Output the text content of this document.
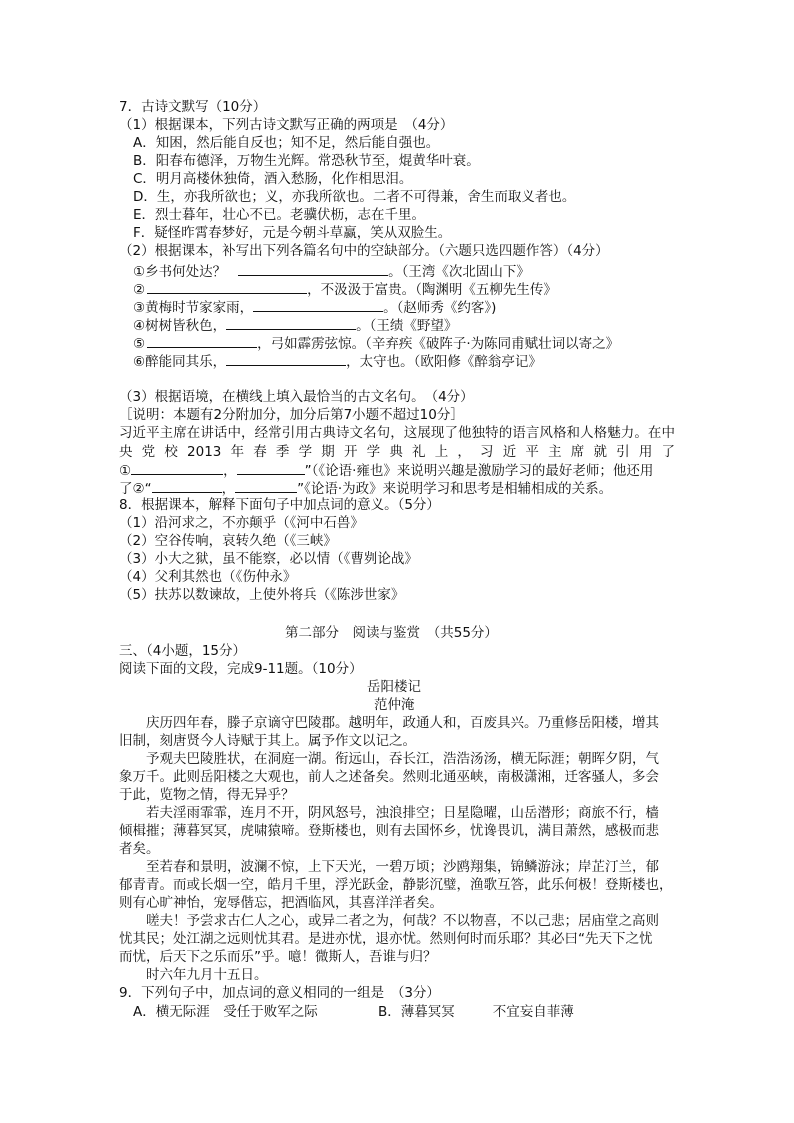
7．古诗文默写（10分）
（1）根据课本，下列古诗文默写正确的两项是　（4分）
A．知困，然后能自反也；知不足，然后能自强也。
B．阳春布德泽，万物生光辉。常恐秋节至，焜黄华叶衰。
C．明月高楼休独倚，酒入愁肠，化作相思泪。
D．生，亦我所欲也；义，亦我所欲也。二者不可得兼，舍生而取义者也。
E．烈士暮年，壮心不已。老骥伏枥，志在千里。
F．疑怪昨霄春梦好，元是今朝斗草赢，笑从双脸生。
（2）根据课本，补写出下列各篇名句中的空缺部分。（六题只选四题作答）（4分）
①乡书何处达？	。（王湾《次北固山下》
②	，不汲汲于富贵。（陶渊明《五柳先生传》
③黄梅时节家家雨，	。（赵师秀《约客》)
④树树皆秋色，	。（王绩《野望》
⑤	，弓如霹雳弦惊。（辛弃疾《破阵子·为陈同甫赋壮词以寄之》
⑥醉能同其乐，	，太守也。（欧阳修《醉翁亭记》
（3）根据语境，在横线上填入最恰当的古文名句。　（4分）
［说明：本题有2分附加分，加分后第7小题不超过10分］
习近平主席在讲话中，经常引用古典诗文名句，这展现了他独特的语言风格和人格魅力。在中央党校2013年春季学期开学典礼上，习近平主席就引用了
①	，	”（《论语·雍也》来说明兴趣是激励学习的最好老师；他还用
了②“	，	”《论语·为政》来说明学习和思考是相辅相成的关系。
8．根据课本，解释下面句子中加点词的意义。（5分）
（1）沿河求之，不亦颠乎（《河中石兽》
（2）空谷传响，哀转久绝（《三峡》
（3）小大之狱，虽不能察，必以情（《曹刿论战》
（4）父利其然也（《伤仲永》
（5）扶苏以数谏故，上使外将兵（《陈涉世家》
第二部分　阅读与鉴赏　（共55分）
三、（4小题，15分）
阅读下面的文段，完成9-11题。（10分）
岳阳楼记
范仲淹
　　庆历四年春，滕子京谪守巴陵郡。越明年，政通人和，百废具兴。乃重修岳阳楼，增其
旧制，刻唐贤今人诗赋于其上。属予作文以记之。
　　予观夫巴陵胜状，在洞庭一湖。衔远山，吞长江，浩浩汤汤，横无际涯；朝晖夕阴，气
象万千。此则岳阳楼之大观也，前人之述备矣。然则北通巫峡，南极潇湘，迁客骚人，多会
于此，览物之情，得无异乎？
　　若夫淫雨霏霏，连月不开，阴风怒号，浊浪排空；日星隐曜，山岳潜形；商旅不行，樯
倾楫摧；薄暮冥冥，虎啸猿啼。登斯楼也，则有去国怀乡，忧谗畏讥，满目萧然，感极而悲
者矣。
　　至若春和景明，波澜不惊，上下天光，一碧万顷；沙鸥翔集，锦鳞游泳；岸芷汀兰，郁
郁青青。而或长烟一空，皓月千里，浮光跃金，静影沉璧，渔歌互答，此乐何极！登斯楼也，
则有心旷神怡，宠辱偕忘，把酒临风，其喜洋洋者矣。
　　嗟夫！予尝求古仁人之心，或异二者之为，何哉？不以物喜，不以己悲；居庙堂之高则
忧其民；处江湖之远则忧其君。是进亦忧，退亦忧。然则何时而乐耶？其必曰“先天下之忧
而忧，后天下之乐而乐”乎。噫！微斯人，吾谁与归？
　　时六年九月十五日。
9．下列句子中，加点词的意义相同的一组是　（3分）
A．横无际涯　受任于败军之际	B．薄暮冥冥	不宜妄自菲薄
